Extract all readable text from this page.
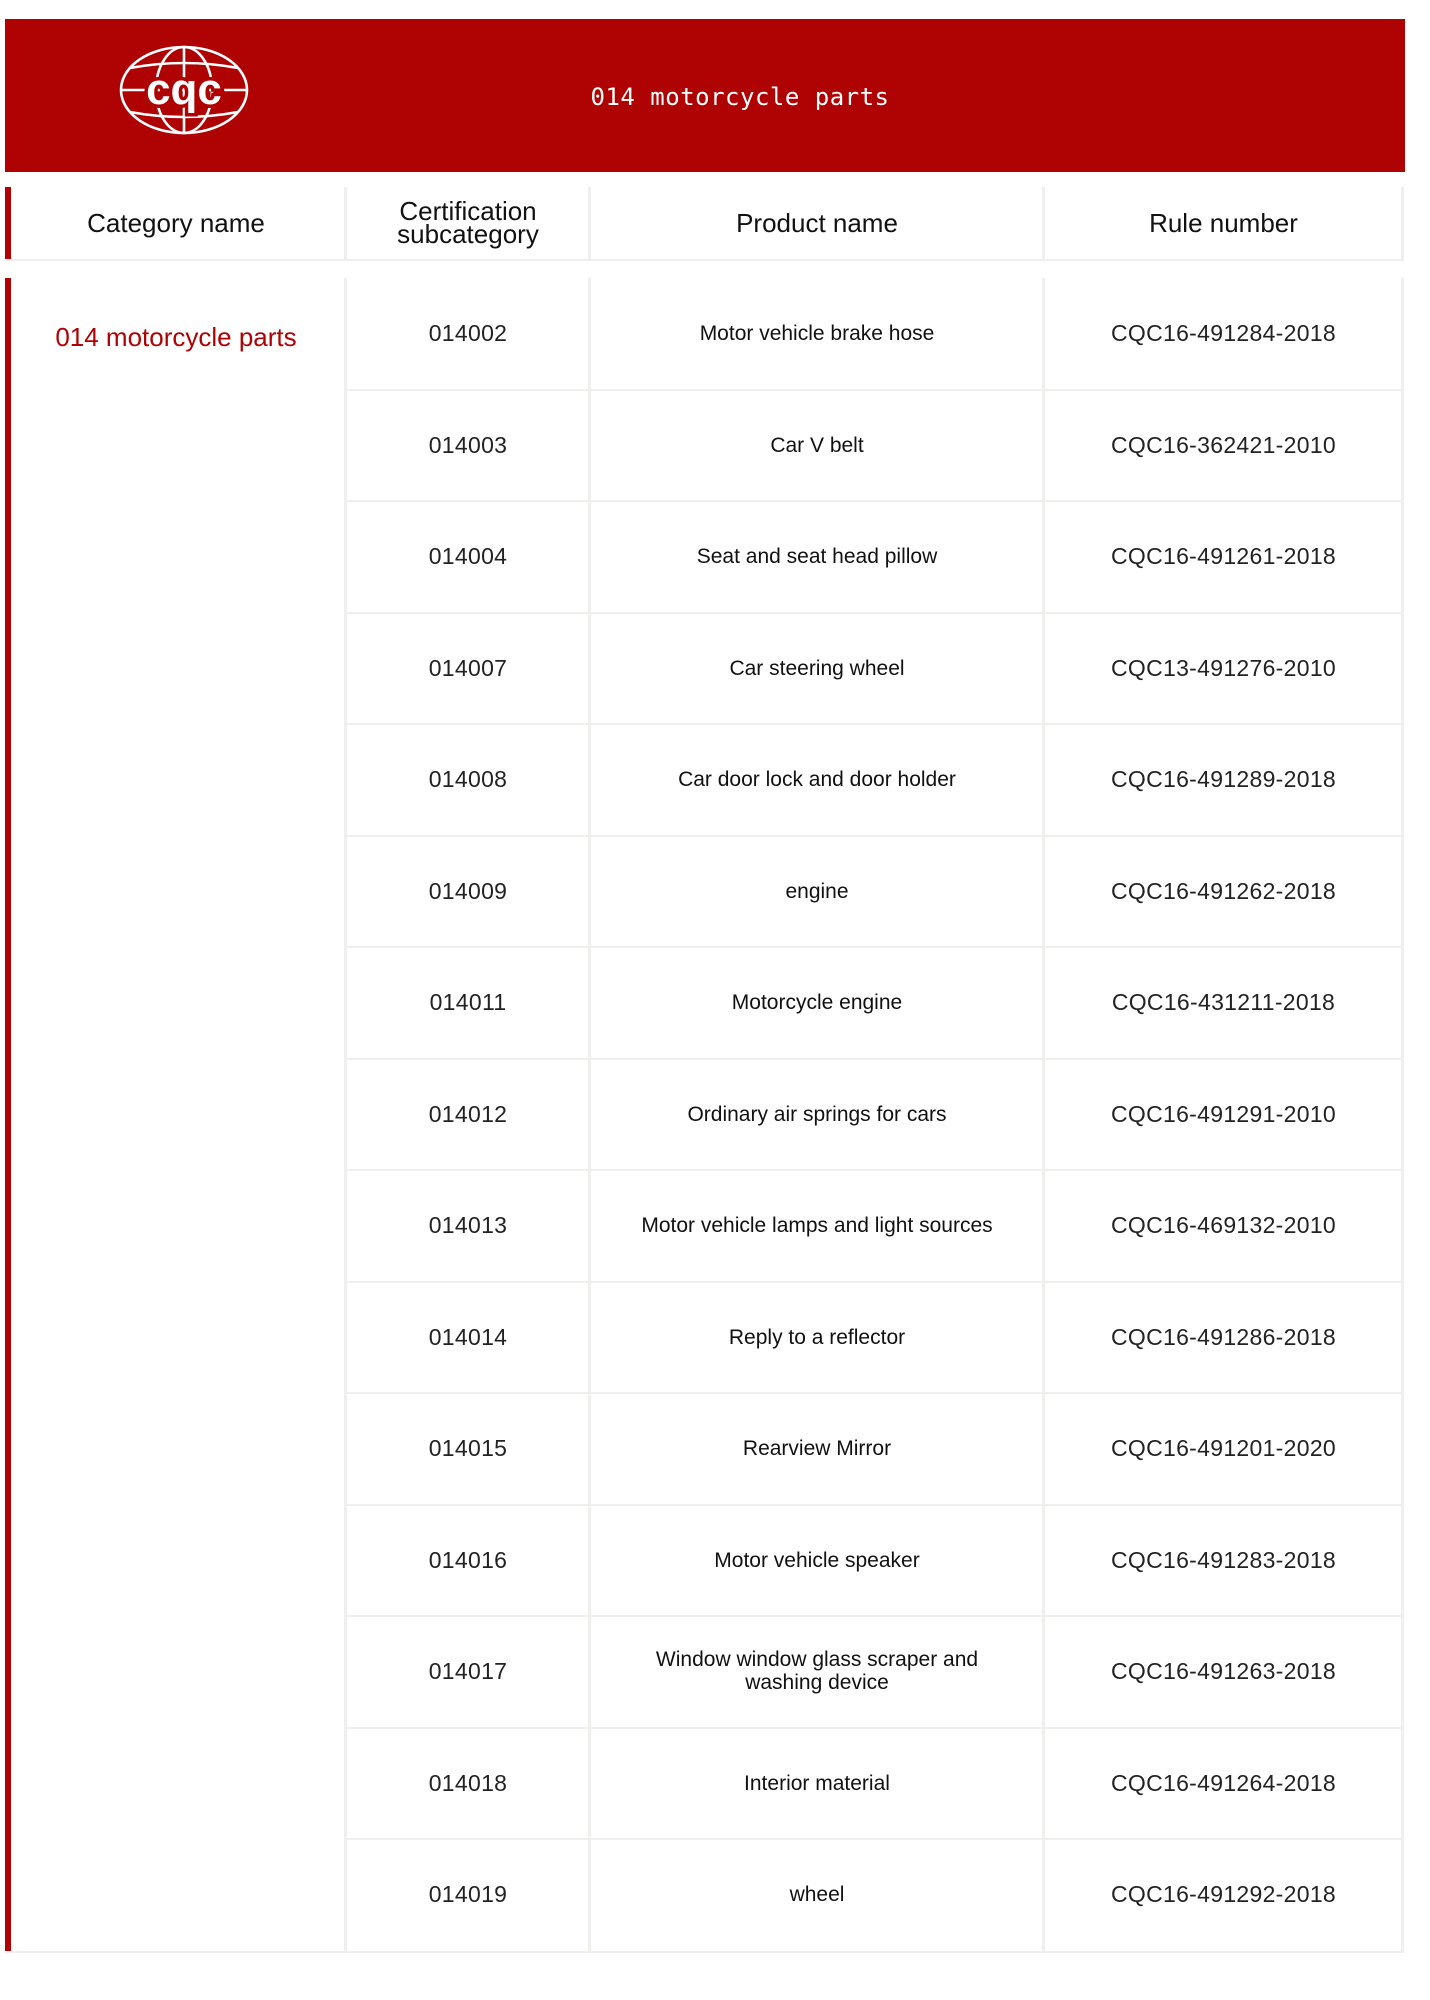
cqc	014 motorcycle parts
Category name	Certification subcategory	Product name	Rule number
014 motorcycle parts	014002	Motor vehicle brake hose	CQC16-491284-2018
014003	Car V belt	CQC16-362421-2010
014004	Seat and seat head pillow	CQC16-491261-2018
014007	Car steering wheel	CQC13-491276-2010
014008	Car door lock and door holder	CQC16-491289-2018
014009	engine	CQC16-491262-2018
014011	Motorcycle engine	CQC16-431211-2018
014012	Ordinary air springs for cars	CQC16-491291-2010
014013	Motor vehicle lamps and light sources	CQC16-469132-2010
014014	Reply to a reflector	CQC16-491286-2018
014015	Rearview Mirror	CQC16-491201-2020
014016	Motor vehicle speaker	CQC16-491283-2018
014017	Window window glass scraper and washing device	CQC16-491263-2018
014018	Interior material	CQC16-491264-2018
014019	wheel	CQC16-491292-2018
